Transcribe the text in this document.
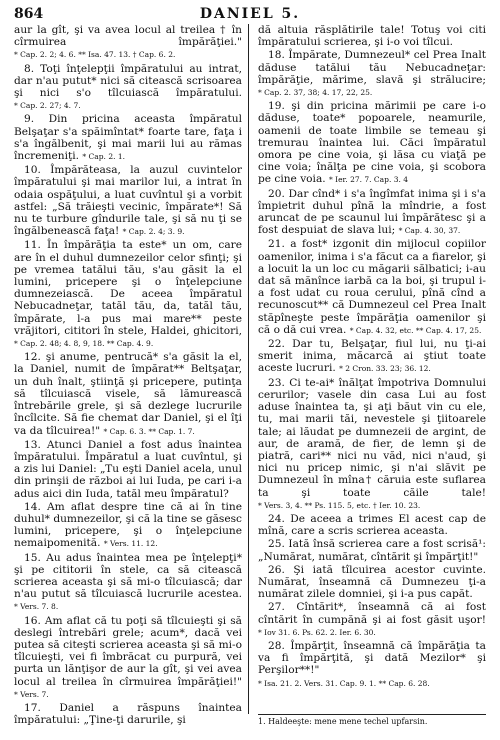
864	DANIEL 5.

aur la gît, şi va avea locul al treilea † în cîrmuirea împărăţiei." * Cap. 2. 2; 4. 6. ** Isa. 47. 13. † Cap. 6. 2.

8. Toţi înţelepţii împăratului au intrat, dar n'au putut* nici să citească scrisoarea şi nici s'o tîlcuiască împăratului. * Cap. 2. 27; 4. 7.

9. Din pricina aceasta împăratul Belşaţar s'a spăimîntat* foarte tare, faţa i s'a îngălbenit, şi mai marii lui au rămas încremeniţi. * Cap. 2. 1.

10. Împărăteasa, la auzul cuvintelor împăratului şi mai marilor lui, a intrat în odaia ospăţului, a luat cuvîntul şi a vorbit astfel: „Să trăieşti vecinic, împărate*! Să nu te turbure gîndurile tale, şi să nu ţi se îngălbenească faţa! * Cap. 2. 4; 3. 9.

11. În împărăţia ta este* un om, care are în el duhul dumnezeilor celor sfinţi; şi pe vremea tatălui tău, s'au găsit la el lumini, pricepere şi o înţelepciune dumnezeiască. De aceea împăratul Nebucadneţar, tatăl tău, da, tatăl tău, împărate, l-a pus mai mare** peste vrăjitori, cititori în stele, Haldei, ghicitori, * Cap. 2. 48; 4. 8, 9, 18. ** Cap. 4. 9.

12. şi anume, pentrucă* s'a găsit la el, la Daniel, numit de împărat** Beltşaţar, un duh înalt, ştiinţă şi pricepere, putinţa să tîlcuiască visele, să lămurească întrebările grele, şi să dezlege lucrurile încîlcite. Să fie chemat dar Daniel, şi el îţi va da tîlcuirea!" * Cap. 6. 3. ** Cap. 1. 7.

13. Atunci Daniel a fost adus înaintea împăratului. Împăratul a luat cuvîntul, şi a zis lui Daniel: „Tu eşti Daniel acela, unul din prinşii de război ai lui Iuda, pe cari i-a adus aici din Iuda, tatăl meu împăratul?

14. Am aflat despre tine că ai în tine duhul* dumnezeilor, şi că la tine se găsesc lumini, pricepere, şi o înţelepciune nemaipomenită. * Vers. 11. 12.

15. Au adus înaintea mea pe înţelepţi* şi pe cititorii în stele, ca să citească scrierea aceasta şi să mi-o tîlcuiască; dar n'au putut să tîlcuiască lucrurile acestea. * Vers. 7. 8.

16. Am aflat că tu poţi să tîlcuieşti şi să deslegi întrebări grele; acum*, dacă vei putea să citeşti scrierea aceasta şi să mi-o tîlcuieşti, vei fi îmbrăcat cu purpură, vei purta un lănţişor de aur la gît, şi vei avea locul al treilea în cîrmuirea împărăţiei!" * Vers. 7.

17. Daniel a răspuns înaintea împăratului: „Ţine-ţi darurile, şi

dă altuia răsplătirile tale! Totuş voi citi împăratului scrierea, şi i-o voi tîlcui.

18. Împărate, Dumnezeul* cel Prea Inalt dăduse tatălui tău Nebucadneţar: împărăţie, mărime, slavă şi strălucire; * Cap. 2. 37, 38; 4. 17, 22, 25.

19. şi din pricina mărimii pe care i-o dăduse, toate* popoarele, neamurile, oamenii de toate limbile se temeau şi tremurau înaintea lui. Căci împăratul omora pe cine voia, şi lăsa cu viaţă pe cine voia; înălţa pe cine voia, şi scobora pe cine voia. * Ier. 27. 7. Cap. 3. 4

20. Dar cînd* i s'a îngîmfat inima şi i s'a împietrit duhul pînă la mîndrie, a fost aruncat de pe scaunul lui împărătesc şi a fost despuiat de slava lui; * Cap. 4. 30, 37.

21. a fost* izgonit din mijlocul copiilor oamenilor, inima i s'a făcut ca a fiarelor, şi a locuit la un loc cu măgarii sălbatici; i-au dat să mănînce iarbă ca la boi, şi trupul i-a fost udat cu roua cerului, pînă cînd a recunoscut** că Dumnezeul cel Prea Inalt stăpîneşte peste împărăţia oamenilor şi că o dă cui vrea. * Cap. 4. 32, etc. ** Cap. 4. 17, 25.

22. Dar tu, Belşaţar, fiul lui, nu ţi-ai smerit inima, măcarcă ai ştiut toate aceste lucruri. * 2 Cron. 33. 23; 36. 12.

23. Ci te-ai* înălţat împotriva Domnului cerurilor; vasele din casa Lui au fost aduse înaintea ta, şi aţi băut vin cu ele, tu, mai marii tăi, nevestele şi ţiitoarele tale; ai lăudat pe dumnezeii de argint, de aur, de aramă, de fier, de lemn şi de piatră, cari** nici nu văd, nici n'aud, şi nici nu pricep nimic, şi n'ai slăvit pe Dumnezeul în mîna† căruia este suflarea ta şi toate căile tale! * Vers. 3, 4. ** Ps. 115. 5, etc. † Ier. 10. 23.

24. De aceea a trimes El acest cap de mînă, care a scris scrierea aceasta.

25. Iată însă scrierea care a fost scrisă¹: „Numărat, numărat, cîntărit şi împărţit!"

26. Şi iată tîlcuirea acestor cuvinte. Numărat, înseamnă că Dumnezeu ţi-a numărat zilele domniei, şi i-a pus capăt.

27. Cîntărit*, înseamnă că ai fost cîntărit în cumpănă şi ai fost găsit uşor! * Iov 31. 6. Ps. 62. 2. Ier. 6. 30.

28. Împărţit, înseamnă că împărăţia ta va fi împărţită, şi dată Mezilor* şi Perşilor**!" * Isa. 21. 2. Vers. 31. Cap. 9. 1. ** Cap. 6. 28.

1. Haldeeşte: mene mene techel upfarsin.
